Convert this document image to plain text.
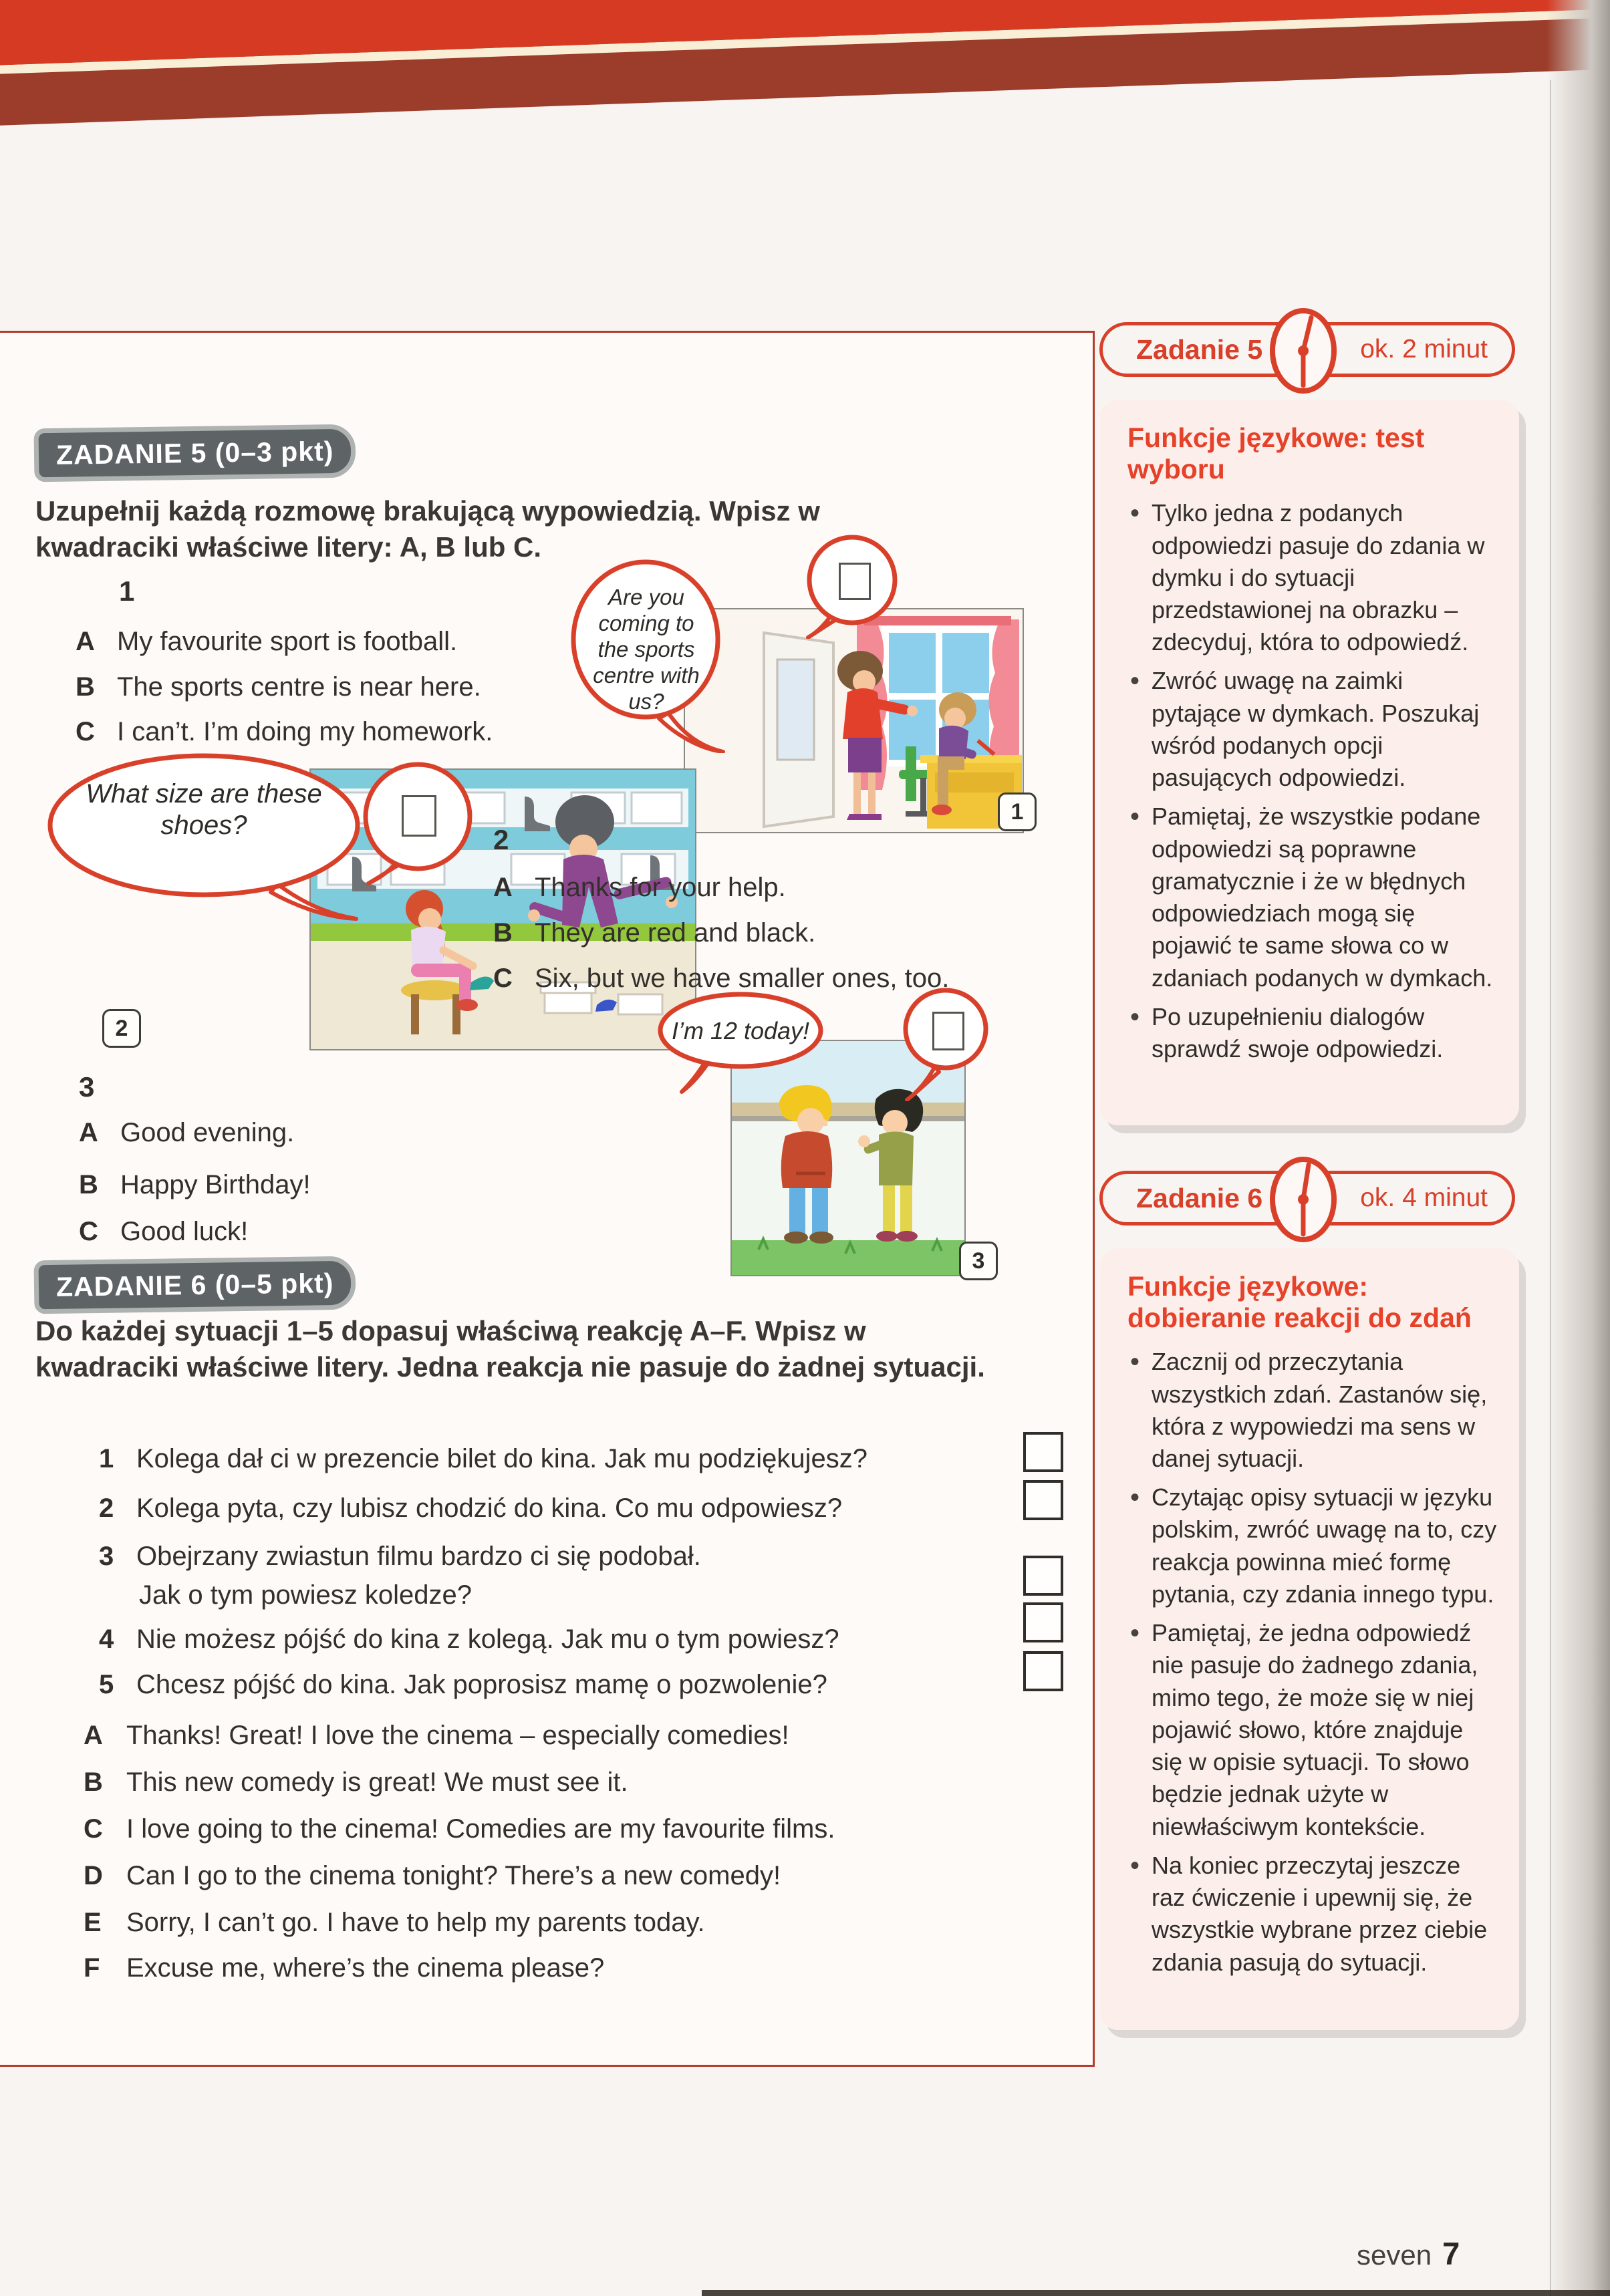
ZADANIE 5 (0–3 pkt)
Uzupełnij każdą rozmowę brakującą wypowiedzią. Wpisz w kwadraciki właściwe litery: A, B lub C.
1
A My favourite sport is football.
B The sports centre is near here.
C I can’t. I’m doing my homework.
Are you coming to the sports centre with us?
1
What size are these shoes?
2
2
A Thanks for your help.
B They are red and black.
C Six, but we have smaller ones, too.
3
A Good evening.
B Happy Birthday!
C Good luck!
I’m 12 today!
3
ZADANIE 6 (0–5 pkt)
Do każdej sytuacji 1–5 dopasuj właściwą reakcję A–F. Wpisz w kwadraciki właściwe litery. Jedna reakcja nie pasuje do żadnej sytuacji.
1 Kolega dał ci w prezencie bilet do kina. Jak mu podziękujesz?
2 Kolega pyta, czy lubisz chodzić do kina. Co mu odpowiesz?
3 Obejrzany zwiastun filmu bardzo ci się podobał.
Jak o tym powiesz koledze?
4 Nie możesz pójść do kina z kolegą. Jak mu o tym powiesz?
5 Chcesz pójść do kina. Jak poprosisz mamę o pozwolenie?
A Thanks! Great! I love the cinema – especially comedies!
B This new comedy is great! We must see it.
C I love going to the cinema! Comedies are my favourite films.
D Can I go to the cinema tonight? There’s a new comedy!
E Sorry, I can’t go. I have to help my parents today.
F Excuse me, where’s the cinema please?
Zadanie 5	ok. 2 minut
Funkcje językowe: test wyboru
• Tylko jedna z podanych odpowiedzi pasuje do zdania w dymku i do sytuacji przedstawionej na obrazku – zdecyduj, która to odpowiedź.
• Zwróć uwagę na zaimki pytające w dymkach. Poszukaj wśród podanych opcji pasujących odpowiedzi.
• Pamiętaj, że wszystkie podane odpowiedzi są poprawne gramatycznie i że w błędnych odpowiedziach mogą się pojawić te same słowa co w zdaniach podanych w dymkach.
• Po uzupełnieniu dialogów sprawdź swoje odpowiedzi.
Zadanie 6	ok. 4 minut
Funkcje językowe: dobieranie reakcji do zdań
• Zacznij od przeczytania wszystkich zdań. Zastanów się, która z wypowiedzi ma sens w danej sytuacji.
• Czytając opisy sytuacji w języku polskim, zwróć uwagę na to, czy reakcja powinna mieć formę pytania, czy zdania innego typu.
• Pamiętaj, że jedna odpowiedź nie pasuje do żadnego zdania, mimo tego, że może się w niej pojawić słowo, które znajduje się w opisie sytuacji. To słowo będzie jednak użyte w niewłaściwym kontekście.
• Na koniec przeczytaj jeszcze raz ćwiczenie i upewnij się, że wszystkie wybrane przez ciebie zdania pasują do sytuacji.
seven 7
